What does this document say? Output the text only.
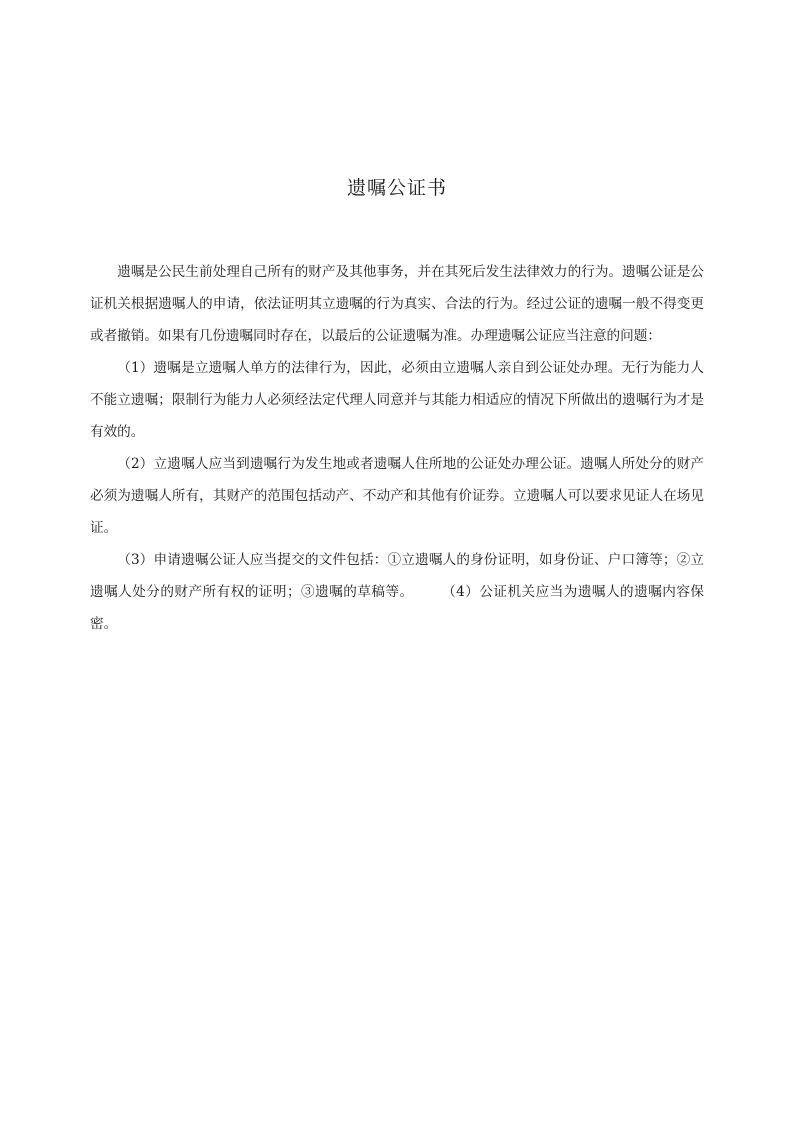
遗嘱公证书

遗嘱是公民生前处理自己所有的财产及其他事务，并在其死后发生法律效力的行为。遗嘱公证是公证机关根据遗嘱人的申请，依法证明其立遗嘱的行为真实、合法的行为。经过公证的遗嘱一般不得变更或者撤销。如果有几份遗嘱同时存在，以最后的公证遗嘱为准。办理遗嘱公证应当注意的问题：

（1）遗嘱是立遗嘱人单方的法律行为，因此，必须由立遗嘱人亲自到公证处办理。无行为能力人不能立遗嘱；限制行为能力人必须经法定代理人同意并与其能力相适应的情况下所做出的遗嘱行为才是有效的。

（2）立遗嘱人应当到遗嘱行为发生地或者遗嘱人住所地的公证处办理公证。遗嘱人所处分的财产必须为遗嘱人所有，其财产的范围包括动产、不动产和其他有价证券。立遗嘱人可以要求见证人在场见证。

（3）申请遗嘱公证人应当提交的文件包括：①立遗嘱人的身份证明，如身份证、户口簿等；②立遗嘱人处分的财产所有权的证明；③遗嘱的草稿等。 （4）公证机关应当为遗嘱人的遗嘱内容保密。
